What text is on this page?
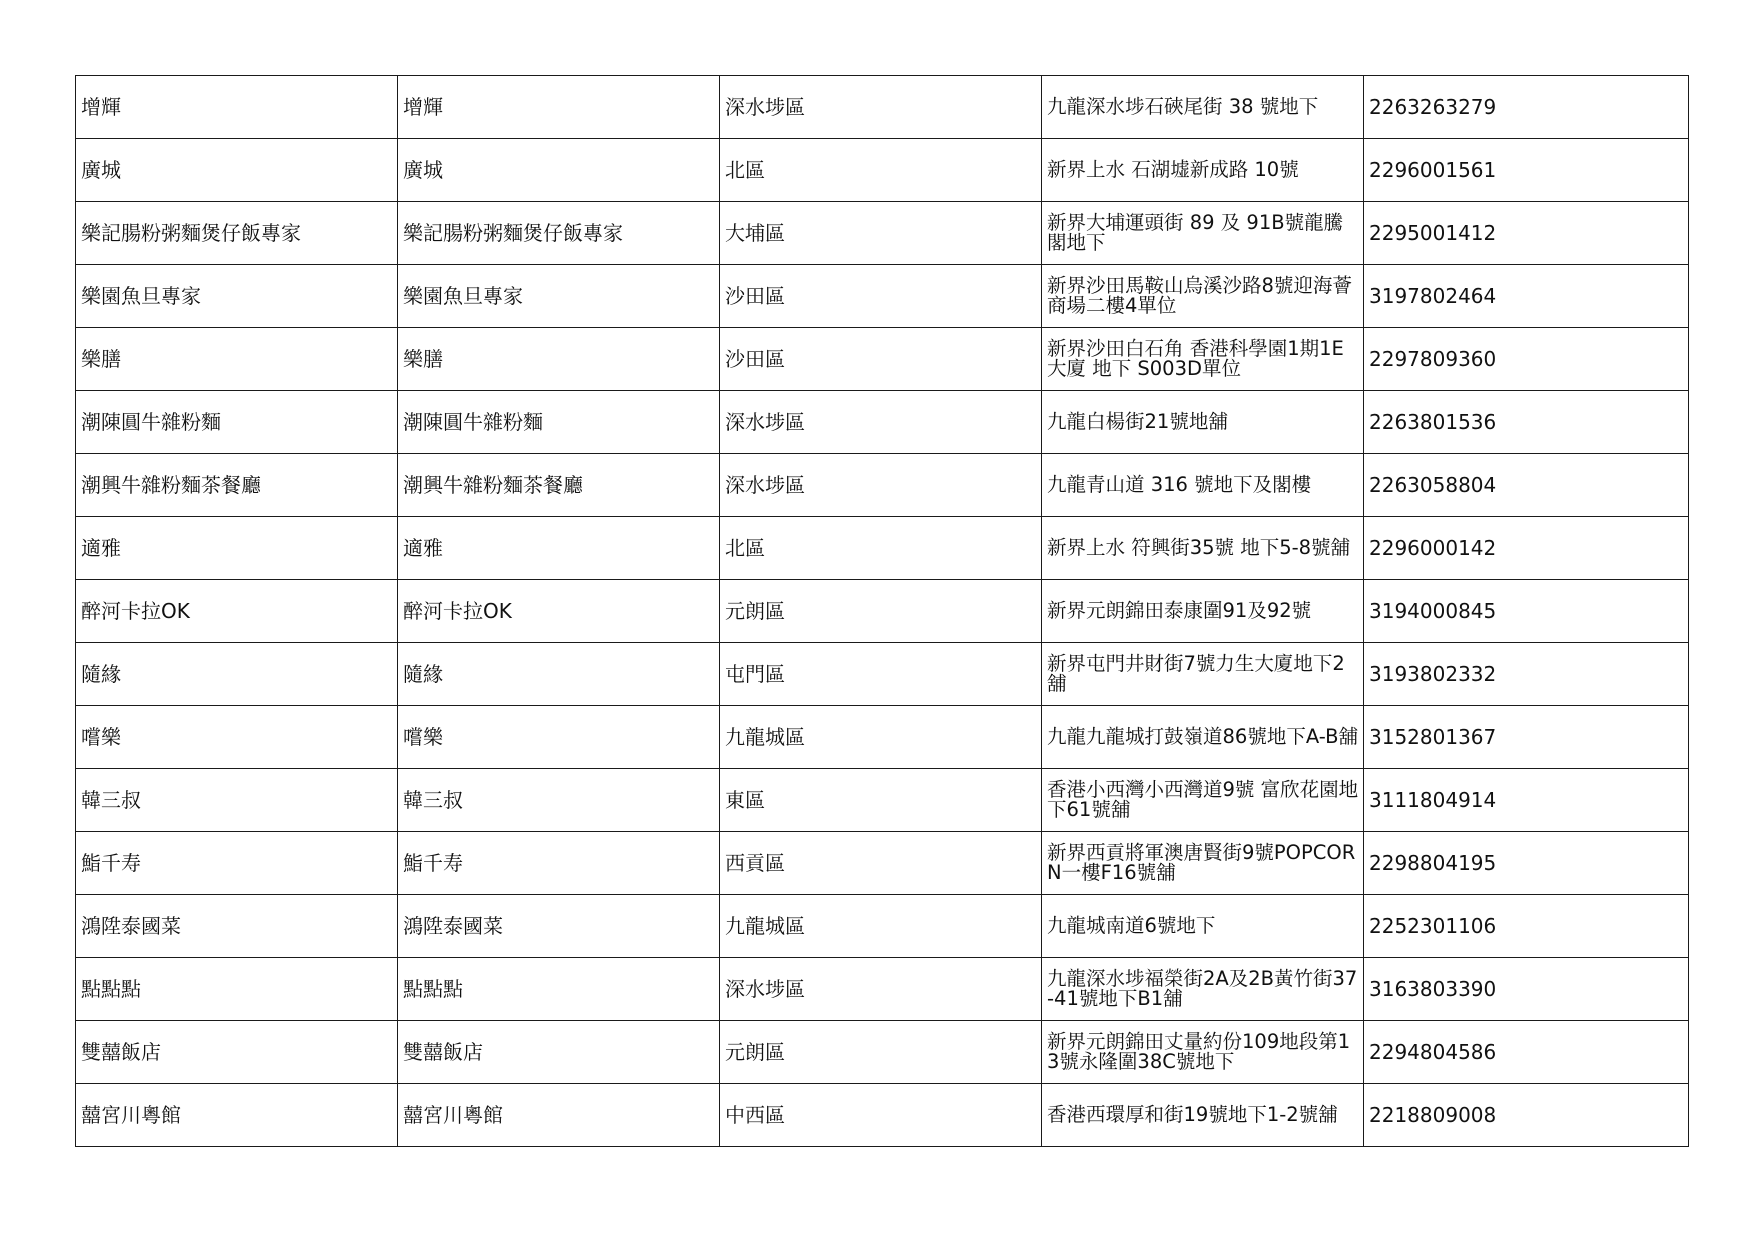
增輝	增輝	深水埗區	九龍深水埗石硤尾街 38 號地下	2263263279
廣城	廣城	北區	新界上水 石湖墟新成路 10號	2296001561
樂記腸粉粥麵煲仔飯專家	樂記腸粉粥麵煲仔飯專家	大埔區	新界大埔運頭街 89 及 91B號龍騰閣地下	2295001412
樂園魚旦專家	樂園魚旦專家	沙田區	新界沙田馬鞍山烏溪沙路8號迎海薈商場二樓4單位	3197802464
樂膳	樂膳	沙田區	新界沙田白石角 香港科學園1期1E大廈 地下 S003D單位	2297809360
潮陳圓牛雜粉麵	潮陳圓牛雜粉麵	深水埗區	九龍白楊街21號地舖	2263801536
潮興牛雜粉麵茶餐廳	潮興牛雜粉麵茶餐廳	深水埗區	九龍青山道 316 號地下及閣樓	2263058804
適雅	適雅	北區	新界上水 符興街35號 地下5-8號舖	2296000142
醉河卡拉OK	醉河卡拉OK	元朗區	新界元朗錦田泰康圍91及92號	3194000845
隨緣	隨緣	屯門區	新界屯門井財街7號力生大廈地下2舖	3193802332
嚐樂	嚐樂	九龍城區	九龍九龍城打鼓嶺道86號地下A-B舖	3152801367
韓三叔	韓三叔	東區	香港小西灣小西灣道9號 富欣花園地下61號舖	3111804914
鮨千寿	鮨千寿	西貢區	新界西貢將軍澳唐賢街9號POPCORN一樓F16號舖	2298804195
鴻陞泰國菜	鴻陞泰國菜	九龍城區	九龍城南道6號地下	2252301106
點點點	點點點	深水埗區	九龍深水埗福榮街2A及2B黃竹街37-41號地下B1舖	3163803390
雙囍飯店	雙囍飯店	元朗區	新界元朗錦田丈量約份109地段第13號永隆圍38C號地下	2294804586
囍宮川粵館	囍宮川粵館	中西區	香港西環厚和街19號地下1-2號舖	2218809008
